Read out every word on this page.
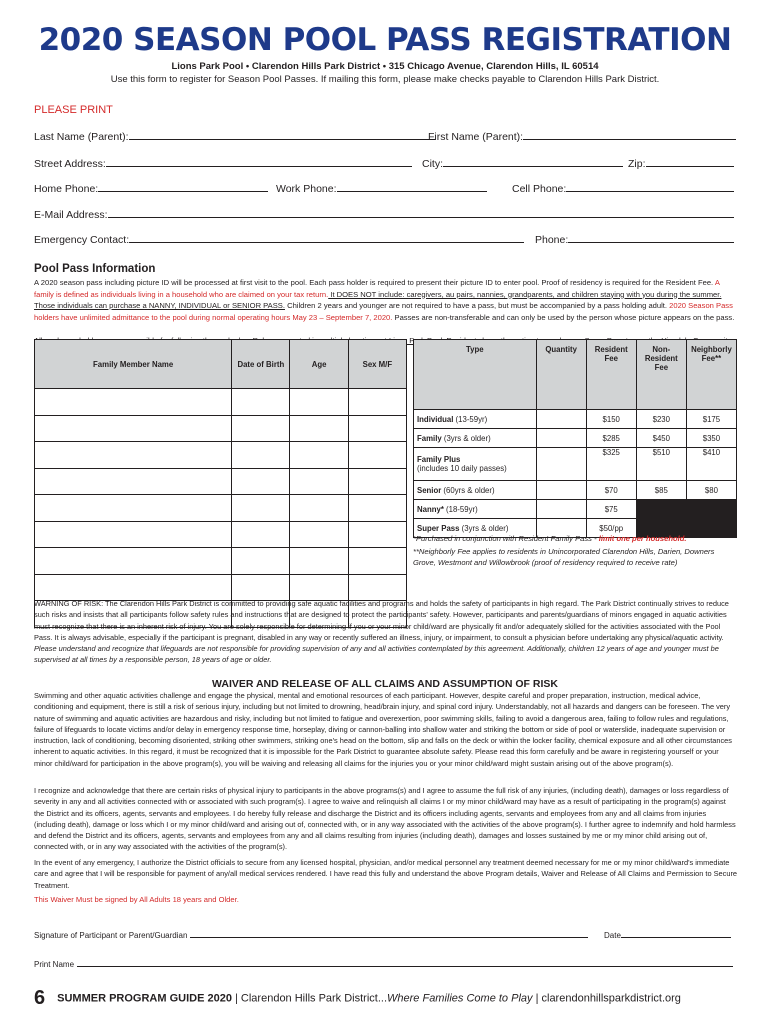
2020 SEASON POOL PASS REGISTRATION
Lions Park Pool • Clarendon Hills Park District • 315 Chicago Avenue, Clarendon Hills, IL 60514
Use this form to register for Season Pool Passes. If mailing this form, please make checks payable to Clarendon Hills Park District.
PLEASE PRINT
Last Name (Parent):	First Name (Parent):
Street Address:	City:	Zip:
Home Phone:	Work Phone:	Cell Phone:
E-Mail Address:
Emergency Contact:	Phone:
Pool Pass Information
A 2020 season pass including picture ID will be processed at first visit to the pool. Each pass holder is required to present their picture ID to enter pool. Proof of residency is required for the Resident Fee. A family is defined as individuals living in a household who are claimed on your tax return. It DOES NOT include: caregivers, au pairs, nannies, grandparents, and children staying with you during the summer. Those individuals can purchase a NANNY, INDIVIDUAL or SENIOR PASS. Children 2 years and younger are not required to have a pass, but must be accompanied by a pass holding adult. 2020 Season Pass holders have unlimited admittance to the pool during normal operating hours May 23 – September 7, 2020. Passes are non-transferable and can only be used by the person whose picture appears on the pass.
Family Member Name	Date of Birth	Age	Sex M/F

Type	Quantity	Resident Fee	Non-Resident Fee	Neighborly Fee**
Individual (13-59yr)		$150	$230	$175
Family (3yrs & older)		$285	$450	$350
Family Plus
(includes 10 daily passes)		$325	$510	$410
Senior (60yrs & older)		$70	$85	$80
Nanny* (18-59yr)		$75		
Super Pass (3yrs & older)		$50/pp		
*Purchased in conjunction with Resident Family Pass - limit one per household.
**Neighborly Fee applies to residents in Unincorporated Clarendon Hills, Darien, Downers Grove, Westmont and Willowbrook (proof of residency required to receive rate)
WARNING OF RISK: The Clarendon Hills Park District is committed to providing safe aquatic facilities and programs and holds the safety of participants in high regard. The Park District continually strives to reduce such risks and insists that all participants follow safety rules and instructions that are designed to protect the participants' safety. However, participants and parents/guardians of minors engaged in aquatic activities must recognize that there is an inherent risk of injury. You are solely responsible for determining if you or your minor child/ward are physically fit and/or adequately skilled for the activities associated with the Pool Pass. It is always advisable, especially if the participant is pregnant, disabled in any way or recently suffered an illness, injury, or impairment, to consult a physician before undertaking any physical/aquatic activity. Please understand and recognize that lifeguards are not responsible for providing supervision of any and all activities contemplated by this agreement. Additionally, children 12 years of age and younger must be supervised at all times by a responsible person, 18 years of age or older.
WAIVER AND RELEASE OF ALL CLAIMS AND ASSUMPTION OF RISK
Swimming and other aquatic activities challenge and engage the physical, mental and emotional resources of each participant. However, despite careful and proper preparation, instruction, medical advice, conditioning and equipment, there is still a risk of serious injury, including but not limited to drowning, head/brain injury, and spinal cord injury. Understandably, not all hazards and dangers can be foreseen. The very nature of swimming and aquatic activities are hazardous and risky, including but not limited to fatigue and overexertion, poor swimming skills, failing to avoid a dangerous area, failing to follow rules and regulations, failure of lifeguards to locate victims and/or delay in emergency response time, horseplay, diving or cannon-balling into shallow water and striking the bottom or side of pool or waterslide, inadequate supervision or instruction, lack of conditioning, becoming disoriented, striking other swimmers, striking one's head on the bottom, slip and falls on the deck or within the locker facility, chemical exposure and all other circumstances inherent to aquatic activities. In this regard, it must be recognized that it is impossible for the Park District to guarantee absolute safety. Please read this form carefully and be aware in registering yourself or your minor child/ward for participation in the above program(s), you will be waiving and releasing all claims for the injuries you or your minor child/ward might sustain arising out of the above program(s).
I recognize and acknowledge that there are certain risks of physical injury to participants in the above programs(s) and I agree to assume the full risk of any injuries, (including death), damages or loss regardless of severity in any and all activities connected with or associated with such program(s). I agree to waive and relinquish all claims I or my minor child/ward may have as a result of participating in the program(s) against the District and its officers, agents, servants and employees. I do hereby fully release and discharge the District and its officers including agents, servants and employees from any and all claims from injuries (including death), damage or loss which I or my minor child/ward and arising out of, connected with, or in any way associated with the activities of the above program(s). I further agree to indemnify and hold harmless and defend the District and its officers, agents, servants and employees from any and all claims resulting from injuries (including death), damages and losses sustained by me or my minor child arising out of, connected with, or in any way associated with the activities of the program(s).
In the event of any emergency, I authorize the District officials to secure from any licensed hospital, physician, and/or medical personnel any treatment deemed necessary for me or my minor child/ward's immediate care and agree that I will be responsible for payment of any/all medical services rendered. I have read this fully and understand the above Program details, Waiver and Release of All Claims and Permission to Secure Treatment.
This Waiver Must be signed by All Adults 18 years and Older.
Signature of Participant or Parent/Guardian	Date
Print Name
6 SUMMER PROGRAM GUIDE 2020 | Clarendon Hills Park District...Where Families Come to Play | clarendonhillsparkdistrict.org
